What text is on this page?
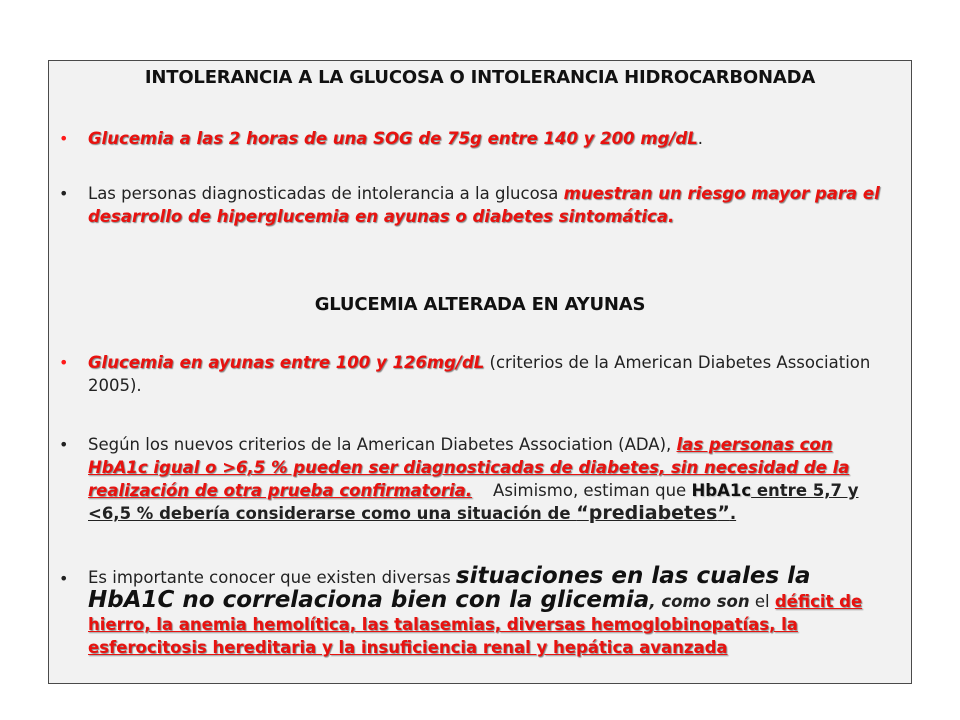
INTOLERANCIA A LA GLUCOSA O INTOLERANCIA HIDROCARBONADA
• Glucemia a las 2 horas de una SOG de 75g entre 140 y 200 mg/dL.
• Las personas diagnosticadas de intolerancia a la glucosa muestran un riesgo mayor para el desarrollo de hiperglucemia en ayunas o diabetes sintomática.
GLUCEMIA ALTERADA EN AYUNAS
• Glucemia en ayunas entre 100 y 126mg/dL (criterios de la American Diabetes Association 2005).
• Según los nuevos criterios de la American Diabetes Association (ADA), las personas con HbA1c igual o >6,5 % pueden ser diagnosticadas de diabetes, sin necesidad de la realización de otra prueba confirmatoria.    Asimismo, estiman que HbA1c entre 5,7 y <6,5 % debería considerarse como una situación de “prediabetes”.
• Es importante conocer que existen diversas situaciones en las cuales la HbA1C no correlaciona bien con la glicemia, como son el déficit de hierro, la anemia hemolítica, las talasemias, diversas hemoglobinopatías, la esferocitosis hereditaria y la insuficiencia renal y hepática avanzada
